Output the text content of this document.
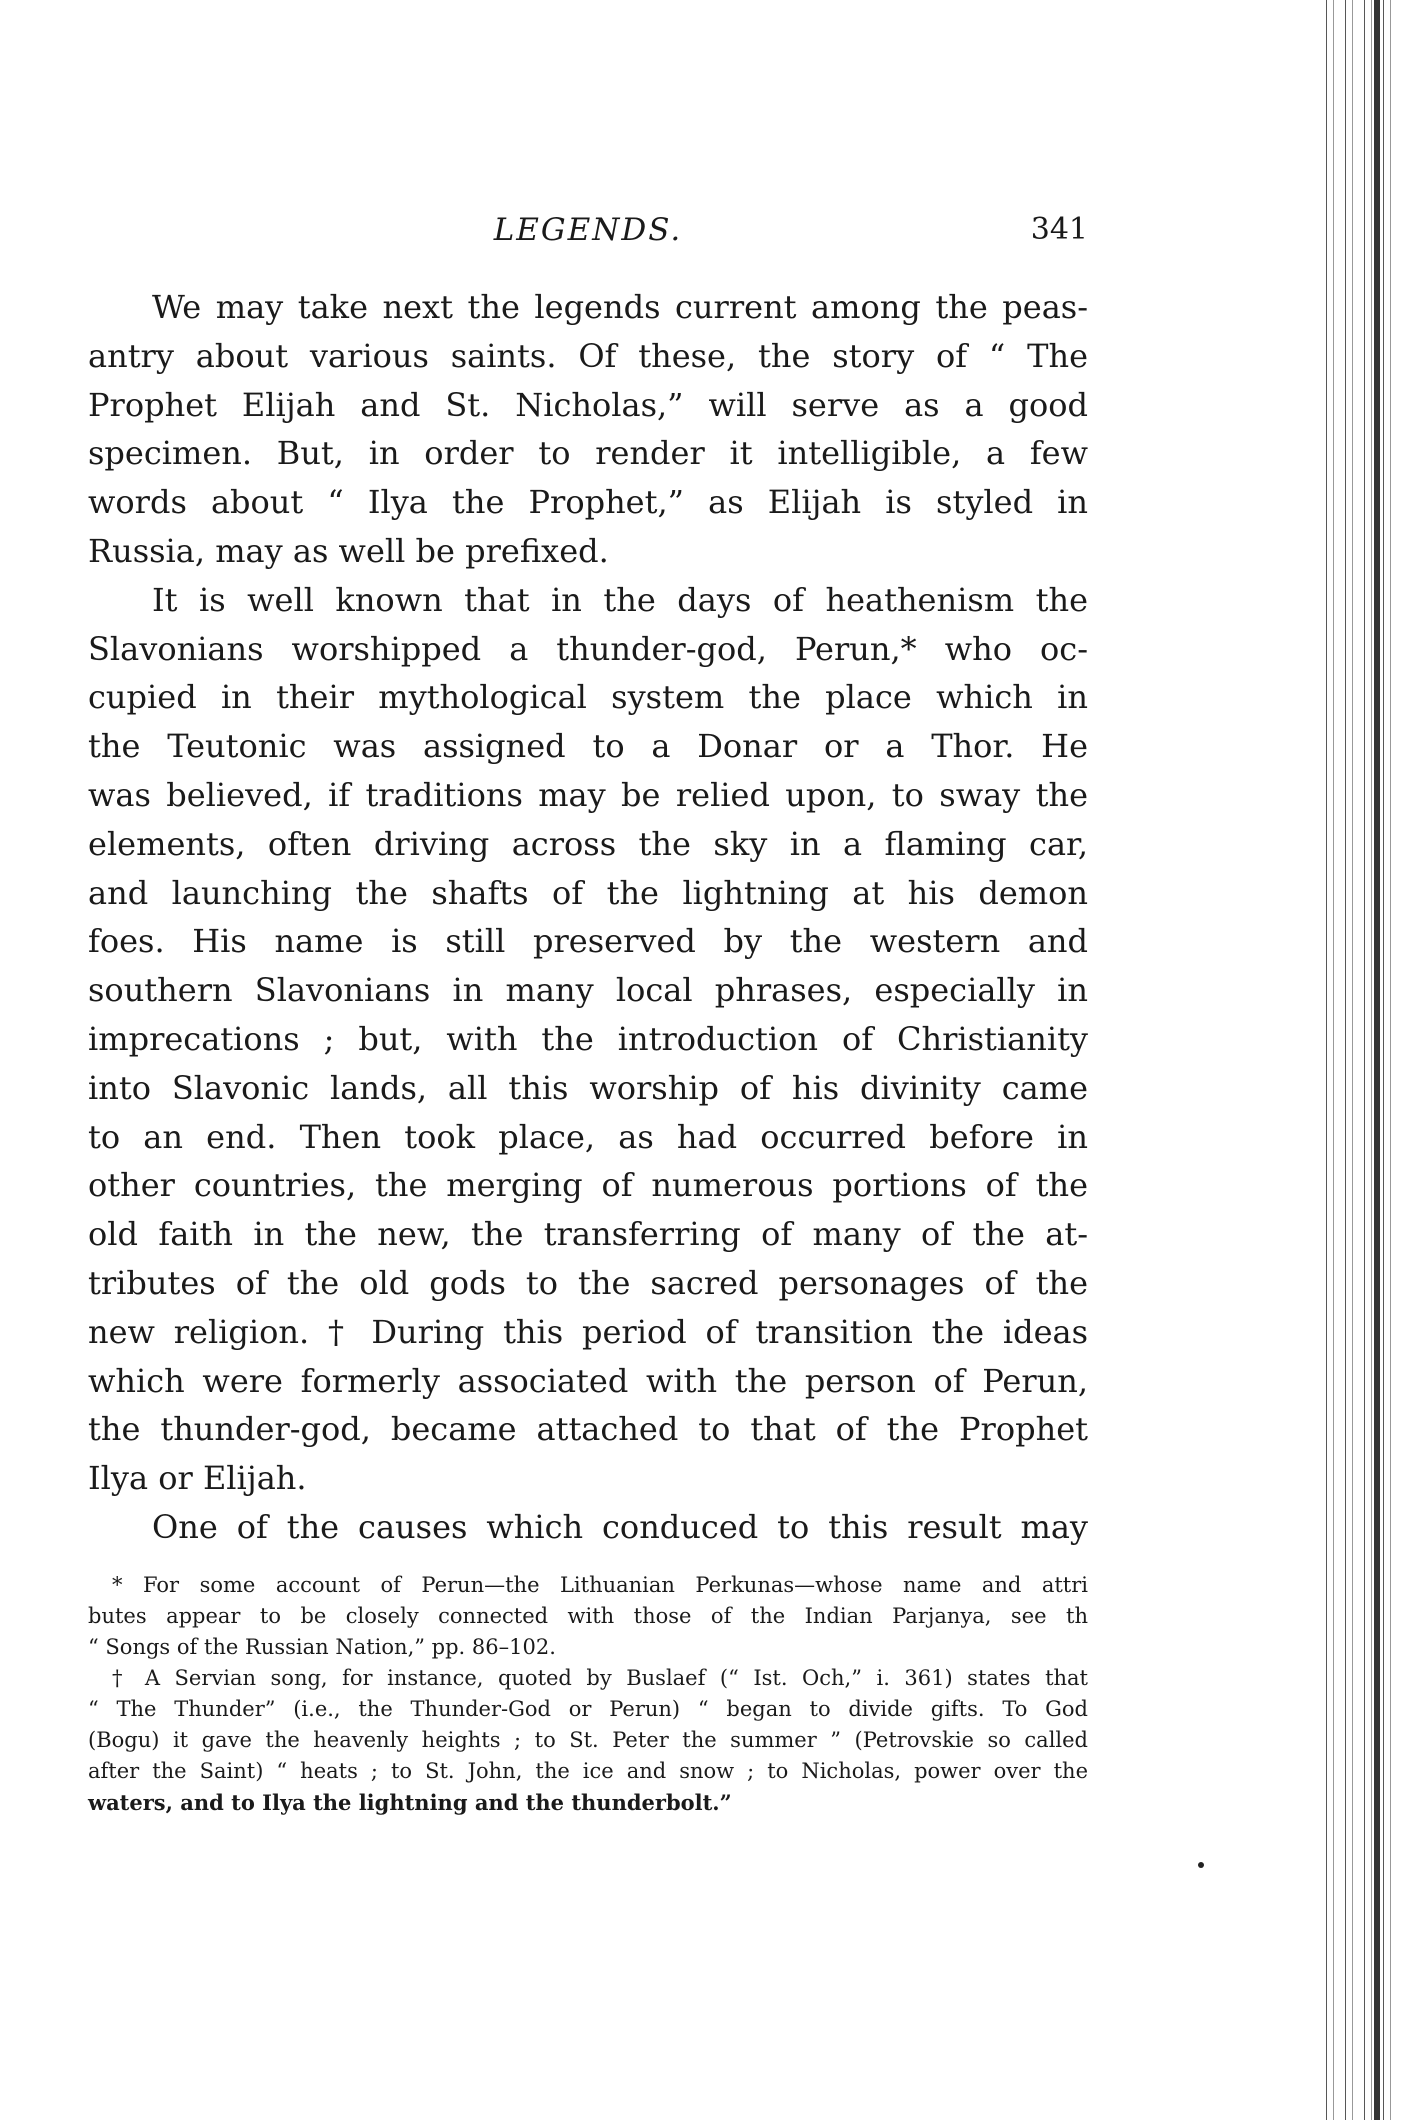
LEGENDS.	341
We may take next the legends current among the peas-
antry about various saints. Of these, the story of “ The
Prophet Elijah and St. Nicholas,” will serve as a good
specimen. But, in order to render it intelligible, a few
words about “ Ilya the Prophet,” as Elijah is styled in
Russia, may as well be prefixed.
It is well known that in the days of heathenism the
Slavonians worshipped a thunder-god, Perun,* who oc-
cupied in their mythological system the place which in
the Teutonic was assigned to a Donar or a Thor. He
was believed, if traditions may be relied upon, to sway the
elements, often driving across the sky in a flaming car,
and launching the shafts of the lightning at his demon
foes. His name is still preserved by the western and
southern Slavonians in many local phrases, especially in
imprecations ; but, with the introduction of Christianity
into Slavonic lands, all this worship of his divinity came
to an end. Then took place, as had occurred before in
other countries, the merging of numerous portions of the
old faith in the new, the transferring of many of the at-
tributes of the old gods to the sacred personages of the
new religion. † During this period of transition the ideas
which were formerly associated with the person of Perun,
the thunder-god, became attached to that of the Prophet
Ilya or Elijah.
One of the causes which conduced to this result may
* For some account of Perun—the Lithuanian Perkunas—whose name and attri
butes appear to be closely connected with those of the Indian Parjanya, see th
“ Songs of the Russian Nation,” pp. 86–102.
† A Servian song, for instance, quoted by Buslaef (“ Ist. Och,” i. 361) states that
“ The Thunder” (i.e., the Thunder-God or Perun) “ began to divide gifts. To God
(Bogu) it gave the heavenly heights ; to St. Peter the summer ” (Petrovskie so called
after the Saint) “ heats ; to St. John, the ice and snow ; to Nicholas, power over the
waters, and to Ilya the lightning and the thunderbolt.”
